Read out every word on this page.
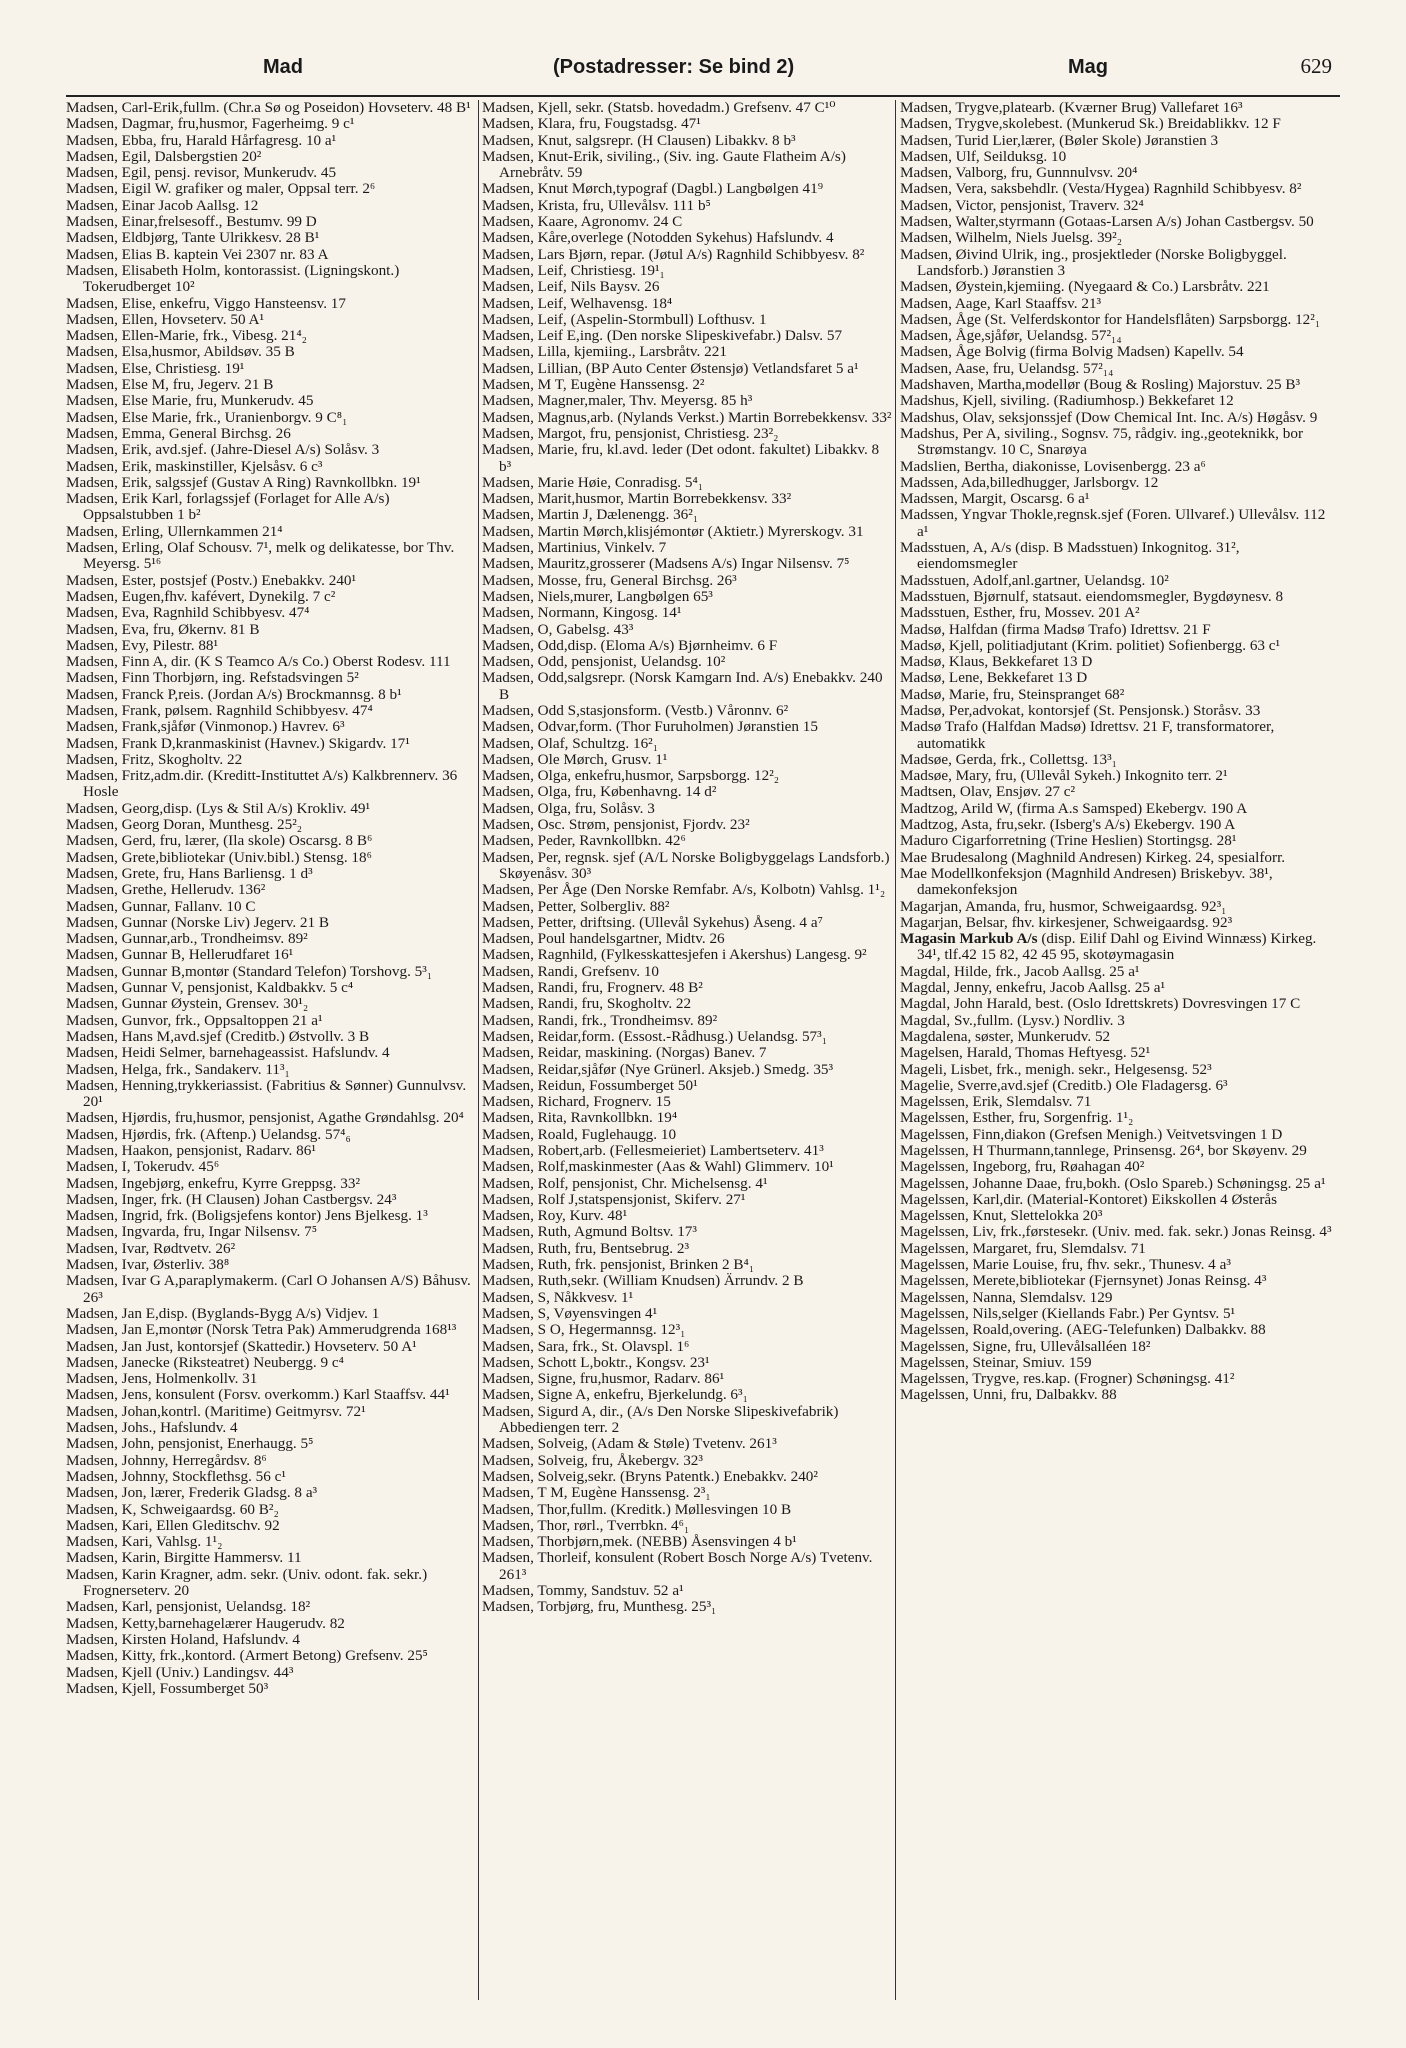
Mad	(Postadresser: Se bind 2)	Mag	629

Madsen, Carl-Erik,fullm. (Chr.a Sø og Poseidon) Hovseterv. 48 B¹

Madsen, Dagmar, fru,husmor, Fagerheimg. 9 c¹

Madsen, Ebba, fru, Harald Hårfagresg. 10 a¹

Madsen, Egil, Dalsbergstien 20²

Madsen, Egil, pensj. revisor, Munkerudv. 45

Madsen, Eigil W. grafiker og maler, Oppsal terr. 2⁶

Madsen, Einar Jacob Aallsg. 12

Madsen, Einar,frelsesoff., Bestumv. 99 D

Madsen, Eldbjørg, Tante Ulrikkesv. 28 B¹

Madsen, Elias B. kaptein Vei 2307 nr. 83 A

Madsen, Elisabeth Holm, kontorassist. (Ligningskont.) Tokerudberget 10²

Madsen, Elise, enkefru, Viggo Hansteensv. 17

Madsen, Ellen, Hovseterv. 50 A¹

Madsen, Ellen-Marie, frk., Vibesg. 21⁴₂

Madsen, Elsa,husmor, Abildsøv. 35 B

Madsen, Else, Christiesg. 19¹

Madsen, Else M, fru, Jegerv. 21 B

Madsen, Else Marie, fru, Munkerudv. 45

Madsen, Else Marie, frk., Uranienborgv. 9 C⁸₁

Madsen, Emma, General Birchsg. 26

Madsen, Erik, avd.sjef. (Jahre-Diesel A/s) Solåsv. 3

Madsen, Erik, maskinstiller, Kjelsåsv. 6 c³

Madsen, Erik, salgssjef (Gustav A Ring) Ravnkollbkn. 19¹

Madsen, Erik Karl, forlagssjef (Forlaget for Alle A/s) Oppsalstubben 1 b²

Madsen, Erling, Ullernkammen 21⁴

Madsen, Erling, Olaf Schousv. 7¹, melk og delikatesse, bor Thv. Meyersg. 5¹⁶

Madsen, Ester, postsjef (Postv.) Enebakkv. 240¹

Madsen, Eugen,fhv. kafévert, Dynekilg. 7 c²

Madsen, Eva, Ragnhild Schibbyesv. 47⁴

Madsen, Eva, fru, Økernv. 81 B

Madsen, Evy, Pilestr. 88¹

Madsen, Finn A, dir. (K S Teamco A/s Co.) Oberst Rodesv. 111

Madsen, Finn Thorbjørn, ing. Refstadsvingen 5²

Madsen, Franck P,reis. (Jordan A/s) Brockmannsg. 8 b¹

Madsen, Frank, pølsem. Ragnhild Schibbyesv. 47⁴

Madsen, Frank,sjåfør (Vinmonop.) Havrev. 6³

Madsen, Frank D,kranmaskinist (Havnev.) Skigardv. 17¹

Madsen, Fritz, Skogholtv. 22

Madsen, Fritz,adm.dir. (Kreditt-Instituttet A/s) Kalkbrennerv. 36 Hosle

Madsen, Georg,disp. (Lys & Stil A/s) Krokliv. 49¹

Madsen, Georg Doran, Munthesg. 25²₂

Madsen, Gerd, fru, lærer, (Ila skole) Oscarsg. 8 B⁶

Madsen, Grete,bibliotekar (Univ.bibl.) Stensg. 18⁶

Madsen, Grete, fru, Hans Barliensg. 1 d³

Madsen, Grethe, Hellerudv. 136²

Madsen, Gunnar, Fallanv. 10 C

Madsen, Gunnar (Norske Liv) Jegerv. 21 B

Madsen, Gunnar,arb., Trondheimsv. 89²

Madsen, Gunnar B, Hellerudfaret 16¹

Madsen, Gunnar B,montør (Standard Telefon) Torshovg. 5³₁

Madsen, Gunnar V, pensjonist, Kaldbakkv. 5 c⁴

Madsen, Gunnar Øystein, Grensev. 30¹₂

Madsen, Gunvor, frk., Oppsaltoppen 21 a¹

Madsen, Hans M,avd.sjef (Creditb.) Østvollv. 3 B

Madsen, Heidi Selmer, barnehageassist. Hafslundv. 4

Madsen, Helga, frk., Sandakerv. 11³₁

Madsen, Henning,trykkeriassist. (Fabritius & Sønner) Gunnulvsv. 20¹

Madsen, Hjørdis, fru,husmor, pensjonist, Agathe Grøndahlsg. 20⁴

Madsen, Hjørdis, frk. (Aftenp.) Uelandsg. 57⁴₆

Madsen, Haakon, pensjonist, Radarv. 86¹

Madsen, I, Tokerudv. 45⁶

Madsen, Ingebjørg, enkefru, Kyrre Greppsg. 33²

Madsen, Inger, frk. (H Clausen) Johan Castbergsv. 24³

Madsen, Ingrid, frk. (Boligsjefens kontor) Jens Bjelkesg. 1³

Madsen, Ingvarda, fru, Ingar Nilsensv. 7⁵

Madsen, Ivar, Rødtvetv. 26²

Madsen, Ivar, Østerliv. 38⁸

Madsen, Ivar G A,paraplymakerm. (Carl O Johansen A/S) Båhusv. 26³

Madsen, Jan E,disp. (Byglands-Bygg A/s) Vidjev. 1

Madsen, Jan E,montør (Norsk Tetra Pak) Ammerudgrenda 168¹³

Madsen, Jan Just, kontorsjef (Skattedir.) Hovseterv. 50 A¹

Madsen, Janecke (Riksteatret) Neubergg. 9 c⁴

Madsen, Jens, Holmenkollv. 31

Madsen, Jens, konsulent (Forsv. overkomm.) Karl Staaffsv. 44¹

Madsen, Johan,kontrl. (Maritime) Geitmyrsv. 72¹

Madsen, Johs., Hafslundv. 4

Madsen, John, pensjonist, Enerhaugg. 5⁵

Madsen, Johnny, Herregårdsv. 8⁶

Madsen, Johnny, Stockflethsg. 56 c¹

Madsen, Jon, lærer, Frederik Gladsg. 8 a³

Madsen, K, Schweigaardsg. 60 B²₂

Madsen, Kari, Ellen Gleditschv. 92

Madsen, Kari, Vahlsg. 1¹₂

Madsen, Karin, Birgitte Hammersv. 11

Madsen, Karin Kragner, adm. sekr. (Univ. odont. fak. sekr.) Frognerseterv. 20

Madsen, Karl, pensjonist, Uelandsg. 18²

Madsen, Ketty,barnehagelærer Haugerudv. 82

Madsen, Kirsten Holand, Hafslundv. 4

Madsen, Kitty, frk.,kontord. (Armert Betong) Grefsenv. 25⁵

Madsen, Kjell (Univ.) Landingsv. 44³

Madsen, Kjell, Fossumberget 50³

Madsen, Kjell, sekr. (Statsb. hovedadm.) Grefsenv. 47 C¹⁰

Madsen, Klara, fru, Fougstadsg. 47¹

Madsen, Knut, salgsrepr. (H Clausen) Libakkv. 8 b³

Madsen, Knut-Erik, siviling., (Siv. ing. Gaute Flatheim A/s) Arnebråtv. 59

Madsen, Knut Mørch,typograf (Dagbl.) Langbølgen 41⁹

Madsen, Krista, fru, Ullevålsv. 111 b⁵

Madsen, Kaare, Agronomv. 24 C

Madsen, Kåre,overlege (Notodden Sykehus) Hafslundv. 4

Madsen, Lars Bjørn, repar. (Jøtul A/s) Ragnhild Schibbyesv. 8²

Madsen, Leif, Christiesg. 19¹₁

Madsen, Leif, Nils Baysv. 26

Madsen, Leif, Welhavensg. 18⁴

Madsen, Leif, (Aspelin-Stormbull) Lofthusv. 1

Madsen, Leif E,ing. (Den norske Slipeskivefabr.) Dalsv. 57

Madsen, Lilla, kjemiing., Larsbråtv. 221

Madsen, Lillian, (BP Auto Center Østensjø) Vetlandsfaret 5 a¹

Madsen, M T, Eugène Hanssensg. 2²

Madsen, Magner,maler, Thv. Meyersg. 85 h³

Madsen, Magnus,arb. (Nylands Verkst.) Martin Borrebekkensv. 33²

Madsen, Margot, fru, pensjonist, Christiesg. 23²₂

Madsen, Marie, fru, kl.avd. leder (Det odont. fakultet) Libakkv. 8 b³

Madsen, Marie Høie, Conradisg. 5⁴₁

Madsen, Marit,husmor, Martin Borrebekkensv. 33²

Madsen, Martin J, Dælenengg. 36²₁

Madsen, Martin Mørch,klisjémontør (Aktietr.) Myrerskogv. 31

Madsen, Martinius, Vinkelv. 7

Madsen, Mauritz,grosserer (Madsens A/s) Ingar Nilsensv. 7⁵

Madsen, Mosse, fru, General Birchsg. 26³

Madsen, Niels,murer, Langbølgen 65³

Madsen, Normann, Kingosg. 14¹

Madsen, O, Gabelsg. 43³

Madsen, Odd,disp. (Eloma A/s) Bjørnheimv. 6 F

Madsen, Odd, pensjonist, Uelandsg. 10²

Madsen, Odd,salgsrepr. (Norsk Kamgarn Ind. A/s) Enebakkv. 240 B

Madsen, Odd S,stasjonsform. (Vestb.) Våronnv. 6²

Madsen, Odvar,form. (Thor Furuholmen) Jøranstien 15

Madsen, Olaf, Schultzg. 16²₁

Madsen, Ole Mørch, Grusv. 1¹

Madsen, Olga, enkefru,husmor, Sarpsborgg. 12²₂

Madsen, Olga, fru, Københavng. 14 d²

Madsen, Olga, fru, Solåsv. 3

Madsen, Osc. Strøm, pensjonist, Fjordv. 23²

Madsen, Peder, Ravnkollbkn. 42⁶

Madsen, Per, regnsk. sjef (A/L Norske Boligbyggelags Landsforb.) Skøyenåsv. 30³

Madsen, Per Åge (Den Norske Remfabr. A/s, Kolbotn) Vahlsg. 1¹₂

Madsen, Petter, Solbergliv. 88²

Madsen, Petter, driftsing. (Ullevål Sykehus) Åseng. 4 a⁷

Madsen, Poul handelsgartner, Midtv. 26

Madsen, Ragnhild, (Fylkesskattesjefen i Akershus) Langesg. 9²

Madsen, Randi, Grefsenv. 10

Madsen, Randi, fru, Frognerv. 48 B²

Madsen, Randi, fru, Skogholtv. 22

Madsen, Randi, frk., Trondheimsv. 89²

Madsen, Reidar,form. (Essost.-Rådhusg.) Uelandsg. 57³₁

Madsen, Reidar, maskining. (Norgas) Banev. 7

Madsen, Reidar,sjåfør (Nye Grünerl. Aksjeb.) Smedg. 35³

Madsen, Reidun, Fossumberget 50¹

Madsen, Richard, Frognerv. 15

Madsen, Rita, Ravnkollbkn. 19⁴

Madsen, Roald, Fuglehaugg. 10

Madsen, Robert,arb. (Fellesmeieriet) Lambertseterv. 41³

Madsen, Rolf,maskinmester (Aas & Wahl) Glimmerv. 10¹

Madsen, Rolf, pensjonist, Chr. Michelsensg. 4¹

Madsen, Rolf J,statspensjonist, Skiferv. 27¹

Madsen, Roy, Kurv. 48¹

Madsen, Ruth, Agmund Boltsv. 17³

Madsen, Ruth, fru, Bentsebrug. 2³

Madsen, Ruth, frk. pensjonist, Brinken 2 B⁴₁

Madsen, Ruth,sekr. (William Knudsen) Ärrundv. 2 B

Madsen, S, Nåkkvesv. 1¹

Madsen, S, Vøyensvingen 4¹

Madsen, S O, Hegermannsg. 12³₁

Madsen, Sara, frk., St. Olavspl. 1⁶

Madsen, Schott L,boktr., Kongsv. 23¹

Madsen, Signe, fru,husmor, Radarv. 86¹

Madsen, Signe A, enkefru, Bjerkelundg. 6³₁

Madsen, Sigurd A, dir., (A/s Den Norske Slipeskivefabrik) Abbediengen terr. 2

Madsen, Solveig, (Adam & Støle) Tvetenv. 261³

Madsen, Solveig, fru, Åkebergv. 32³

Madsen, Solveig,sekr. (Bryns Patentk.) Enebakkv. 240²

Madsen, T M, Eugène Hanssensg. 2³₁

Madsen, Thor,fullm. (Kreditk.) Møllesvingen 10 B

Madsen, Thor, rørl., Tverrbkn. 4⁶₁

Madsen, Thorbjørn,mek. (NEBB) Åsensvingen 4 b¹

Madsen, Thorleif, konsulent (Robert Bosch Norge A/s) Tvetenv. 261³

Madsen, Tommy, Sandstuv. 52 a¹

Madsen, Torbjørg, fru, Munthesg. 25³₁

Madsen, Trygve,platearb. (Kværner Brug) Vallefaret 16³

Madsen, Trygve,skolebest. (Munkerud Sk.) Breidablikkv. 12 F

Madsen, Turid Lier,lærer, (Bøler Skole) Jøranstien 3

Madsen, Ulf, Seilduksg. 10

Madsen, Valborg, fru, Gunnnulvsv. 20⁴

Madsen, Vera, saksbehdlr. (Vesta/Hygea) Ragnhild Schibbyesv. 8²

Madsen, Victor, pensjonist, Traverv. 32⁴

Madsen, Walter,styrmann (Gotaas-Larsen A/s) Johan Castbergsv. 50

Madsen, Wilhelm, Niels Juelsg. 39²₂

Madsen, Øivind Ulrik, ing., prosjektleder (Norske Boligbyggel. Landsforb.) Jøranstien 3

Madsen, Øystein,kjemiing. (Nyegaard & Co.) Larsbråtv. 221

Madsen, Aage, Karl Staaffsv. 21³

Madsen, Åge (St. Velferdskontor for Handelsflåten) Sarpsborgg. 12²₁

Madsen, Åge,sjåfør, Uelandsg. 57²₁₄

Madsen, Åge Bolvig (firma Bolvig Madsen) Kapellv. 54

Madsen, Aase, fru, Uelandsg. 57²₁₄

Madshaven, Martha,modellør (Boug & Rosling) Majorstuv. 25 B³

Madshus, Kjell, siviling. (Radiumhosp.) Bekkefaret 12

Madshus, Olav, seksjonssjef (Dow Chemical Int. Inc. A/s) Høgåsv. 9

Madshus, Per A, siviling., Sognsv. 75, rådgiv. ing.,geoteknikk, bor Strømstangv. 10 C, Snarøya

Madslien, Bertha, diakonisse, Lovisenbergg. 23 a⁶

Madssen, Ada,billedhugger, Jarlsborgv. 12

Madssen, Margit, Oscarsg. 6 a¹

Madssen, Yngvar Thokle,regnsk.sjef (Foren. Ullvaref.) Ullevålsv. 112 a¹

Madsstuen, A, A/s (disp. B Madsstuen) Inkognitog. 31², eiendomsmegler

Madsstuen, Adolf,anl.gartner, Uelandsg. 10²

Madsstuen, Bjørnulf, statsaut. eiendomsmegler, Bygdøynesv. 8

Madsstuen, Esther, fru, Mossev. 201 A²

Madsø, Halfdan (firma Madsø Trafo) Idrettsv. 21 F

Madsø, Kjell, politiadjutant (Krim. politiet) Sofienbergg. 63 c¹

Madsø, Klaus, Bekkefaret 13 D

Madsø, Lene, Bekkefaret 13 D

Madsø, Marie, fru, Steinspranget 68²

Madsø, Per,advokat, kontorsjef (St. Pensjonsk.) Storåsv. 33

Madsø Trafo (Halfdan Madsø) Idrettsv. 21 F, transformatorer, automatikk

Madsøe, Gerda, frk., Collettsg. 13³₁

Madsøe, Mary, fru, (Ullevål Sykeh.) Inkognito terr. 2¹

Madtsen, Olav, Ensjøv. 27 c²

Madtzog, Arild W, (firma A.s Samsped) Ekebergv. 190 A

Madtzog, Asta, fru,sekr. (Isberg's A/s) Ekebergv. 190 A

Maduro Cigarforretning (Trine Heslien) Stortingsg. 28¹

Mae Brudesalong (Maghnild Andresen) Kirkeg. 24, spesialforr.

Mae Modellkonfeksjon (Magnhild Andresen) Briskebyv. 38¹, damekonfeksjon

Magarjan, Amanda, fru, husmor, Schweigaardsg. 92³₁

Magarjan, Belsar, fhv. kirkesjener, Schweigaardsg. 92³

Magasin Markub A/s (disp. Eilif Dahl og Eivind Winnæss) Kirkeg. 34¹, tlf.42 15 82, 42 45 95, skotøymagasin

Magdal, Hilde, frk., Jacob Aallsg. 25 a¹

Magdal, Jenny, enkefru, Jacob Aallsg. 25 a¹

Magdal, John Harald, best. (Oslo Idrettskrets) Dovresvingen 17 C

Magdal, Sv.,fullm. (Lysv.) Nordliv. 3

Magdalena, søster, Munkerudv. 52

Magelsen, Harald, Thomas Heftyesg. 52¹

Mageli, Lisbet, frk., menigh. sekr., Helgesensg. 52³

Magelie, Sverre,avd.sjef (Creditb.) Ole Fladagersg. 6³

Magelssen, Erik, Slemdalsv. 71

Magelssen, Esther, fru, Sorgenfrig. 1¹₂

Magelssen, Finn,diakon (Grefsen Menigh.) Veitvetsvingen 1 D

Magelssen, H Thurmann,tannlege, Prinsensg. 26⁴, bor Skøyenv. 29

Magelssen, Ingeborg, fru, Røahagan 40²

Magelssen, Johanne Daae, fru,bokh. (Oslo Spareb.) Schøningsg. 25 a¹

Magelssen, Karl,dir. (Material-Kontoret) Eikskollen 4 Østerås

Magelssen, Knut, Slettelokka 20³

Magelssen, Liv, frk.,førstesekr. (Univ. med. fak. sekr.) Jonas Reinsg. 4³

Magelssen, Margaret, fru, Slemdalsv. 71

Magelssen, Marie Louise, fru, fhv. sekr., Thunesv. 4 a³

Magelssen, Merete,bibliotekar (Fjernsynet) Jonas Reinsg. 4³

Magelssen, Nanna, Slemdalsv. 129

Magelssen, Nils,selger (Kiellands Fabr.) Per Gyntsv. 5¹

Magelssen, Roald,overing. (AEG-Telefunken) Dalbakkv. 88

Magelssen, Signe, fru, Ullevålsalléen 18²

Magelssen, Steinar, Smiuv. 159

Magelssen, Trygve, res.kap. (Frogner) Schøningsg. 41²

Magelssen, Unni, fru, Dalbakkv. 88
